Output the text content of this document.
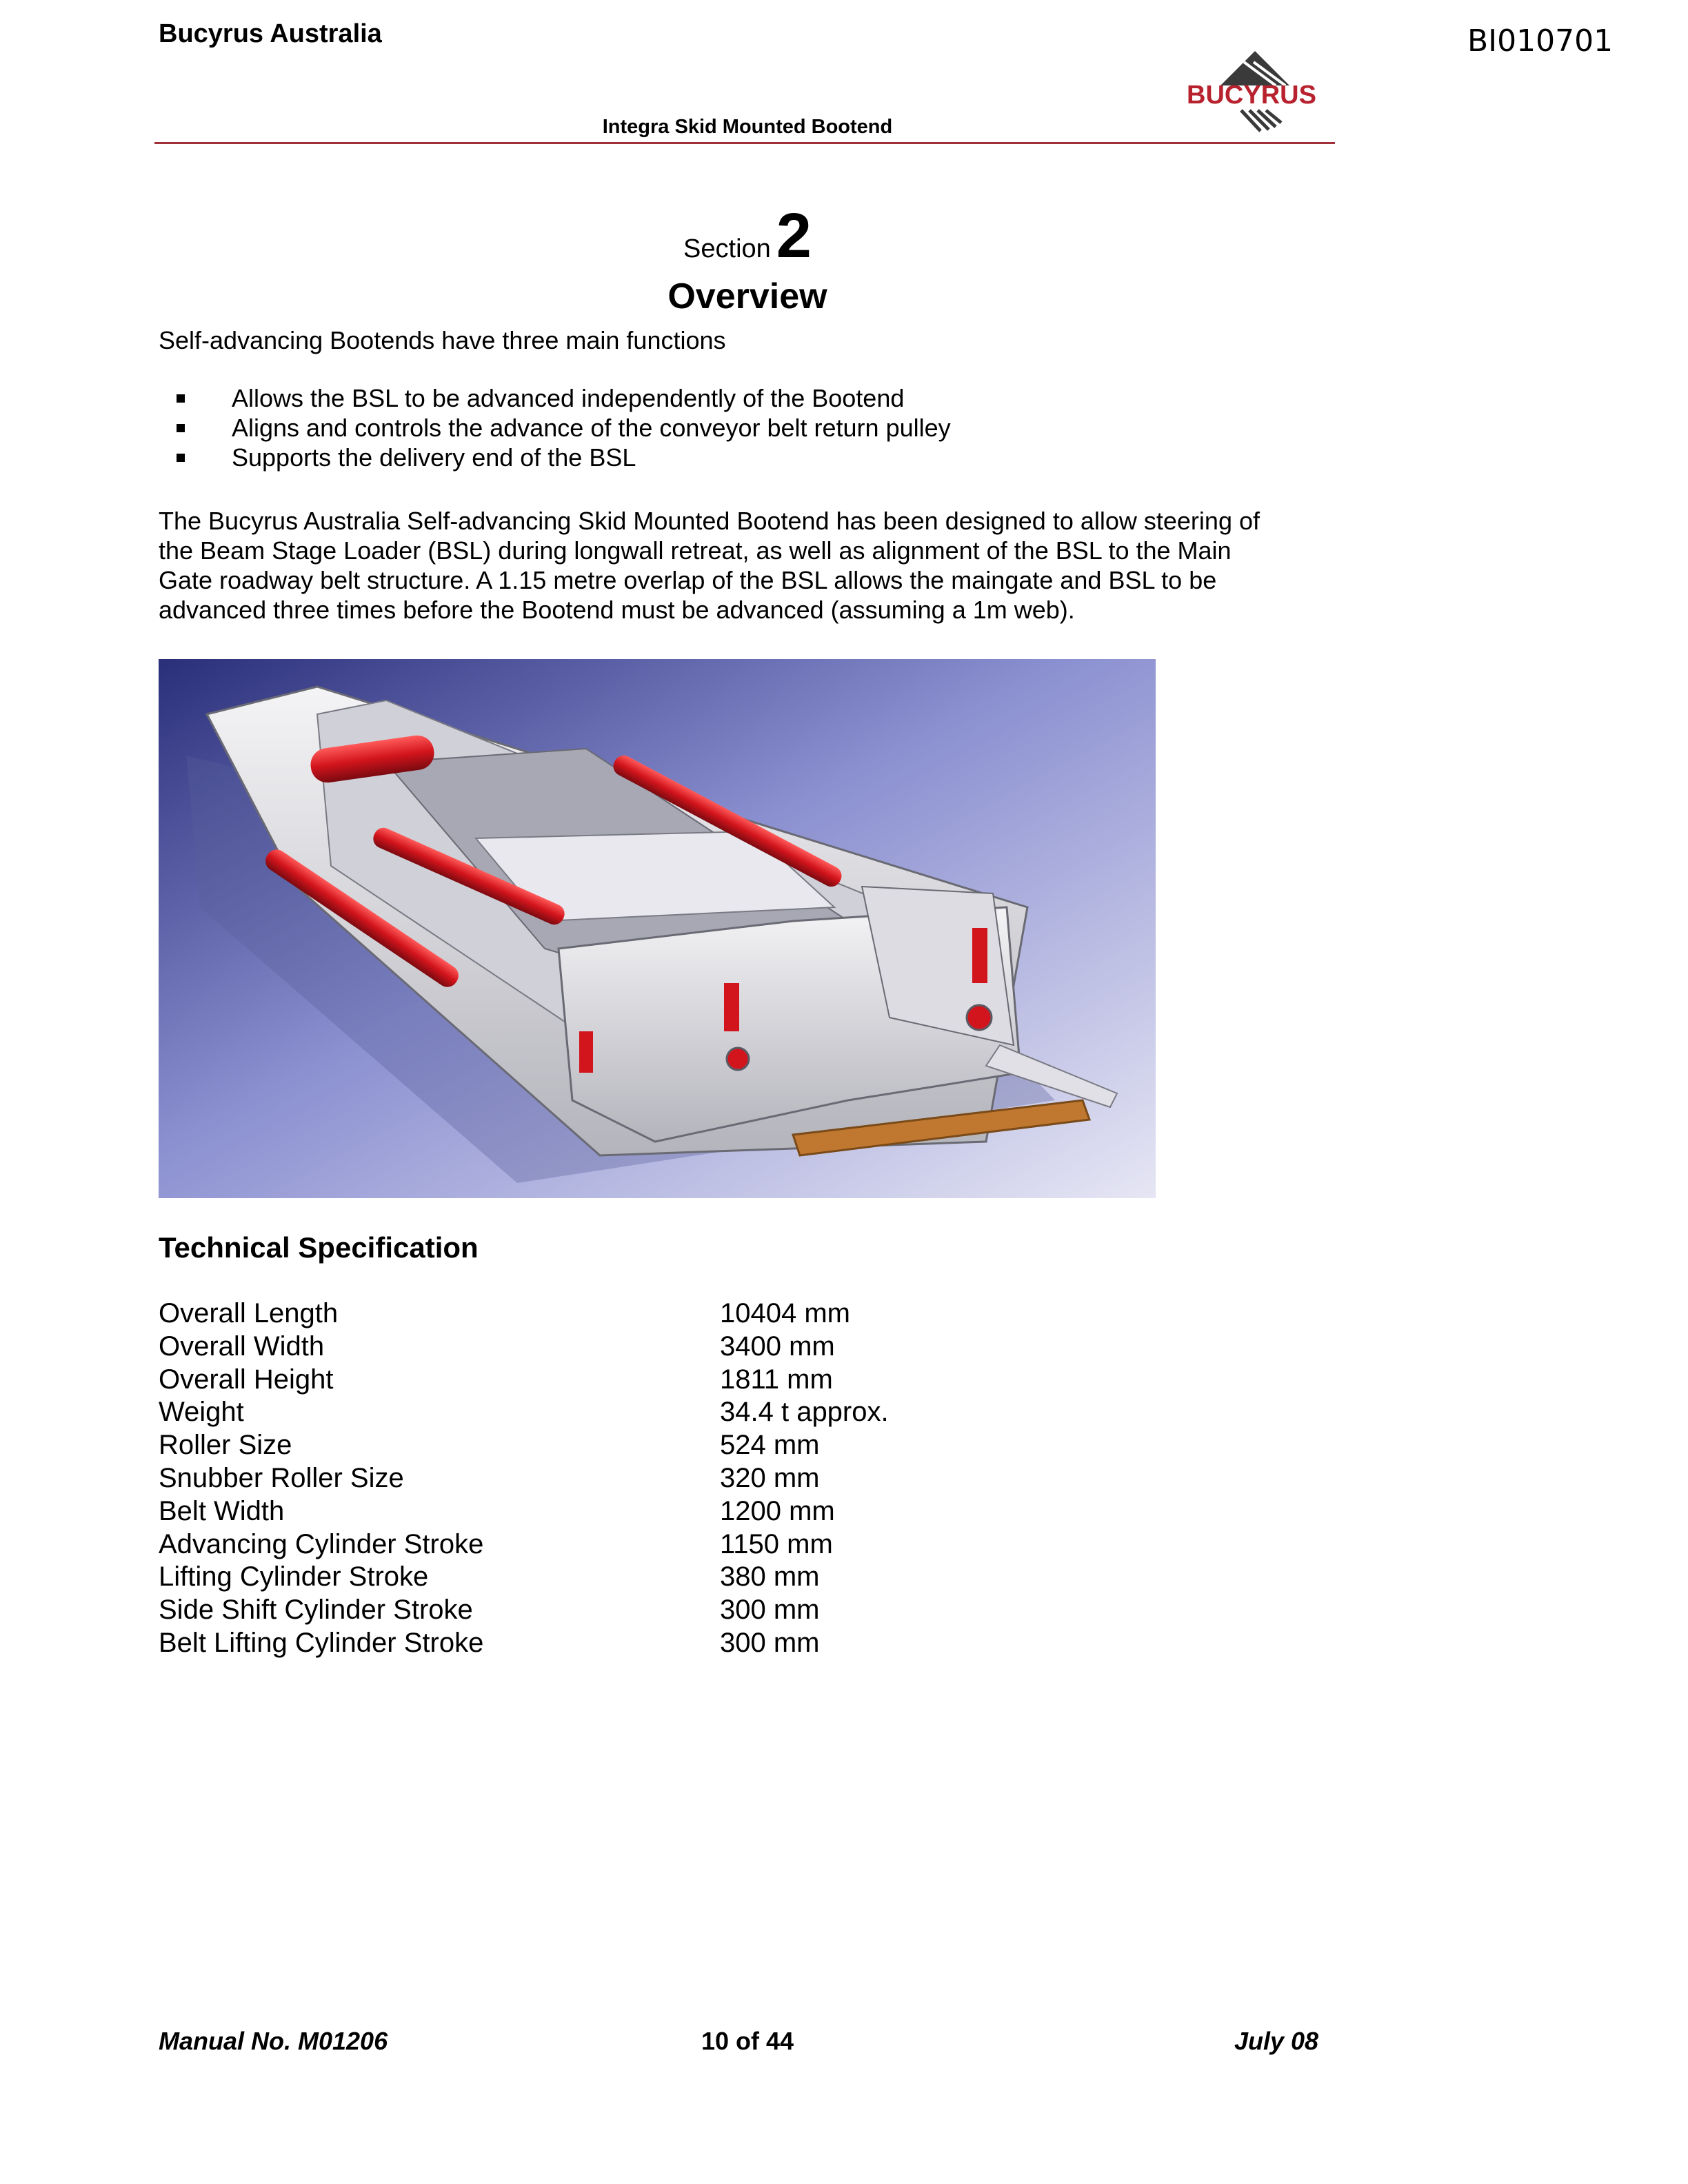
Bucyrus Australia	BI010701
BUCYRUS
Integra Skid Mounted Bootend
Section2
Overview
Self-advancing Bootends have three main functions
Allows the BSL to be advanced independently of the Bootend
Aligns and controls the advance of the conveyor belt return pulley
Supports the delivery end of the BSL
The Bucyrus Australia Self-advancing Skid Mounted Bootend has been designed to allow steering of
the Beam Stage Loader (BSL) during longwall retreat, as well as alignment of the BSL to the Main
Gate roadway belt structure. A 1.15 metre overlap of the BSL allows the maingate and BSL to be
advanced three times before the Bootend must be advanced (assuming a 1m web).
Technical Specification
Overall Length	10404 mm
Overall Width	3400 mm
Overall Height	1811 mm
Weight	34.4 t approx.
Roller Size	524 mm
Snubber Roller Size	320 mm
Belt Width	1200 mm
Advancing Cylinder Stroke	1150 mm
Lifting Cylinder Stroke	380 mm
Side Shift Cylinder Stroke	300 mm
Belt Lifting Cylinder Stroke	300 mm
Manual No. M01206	10 of 44	July 08
